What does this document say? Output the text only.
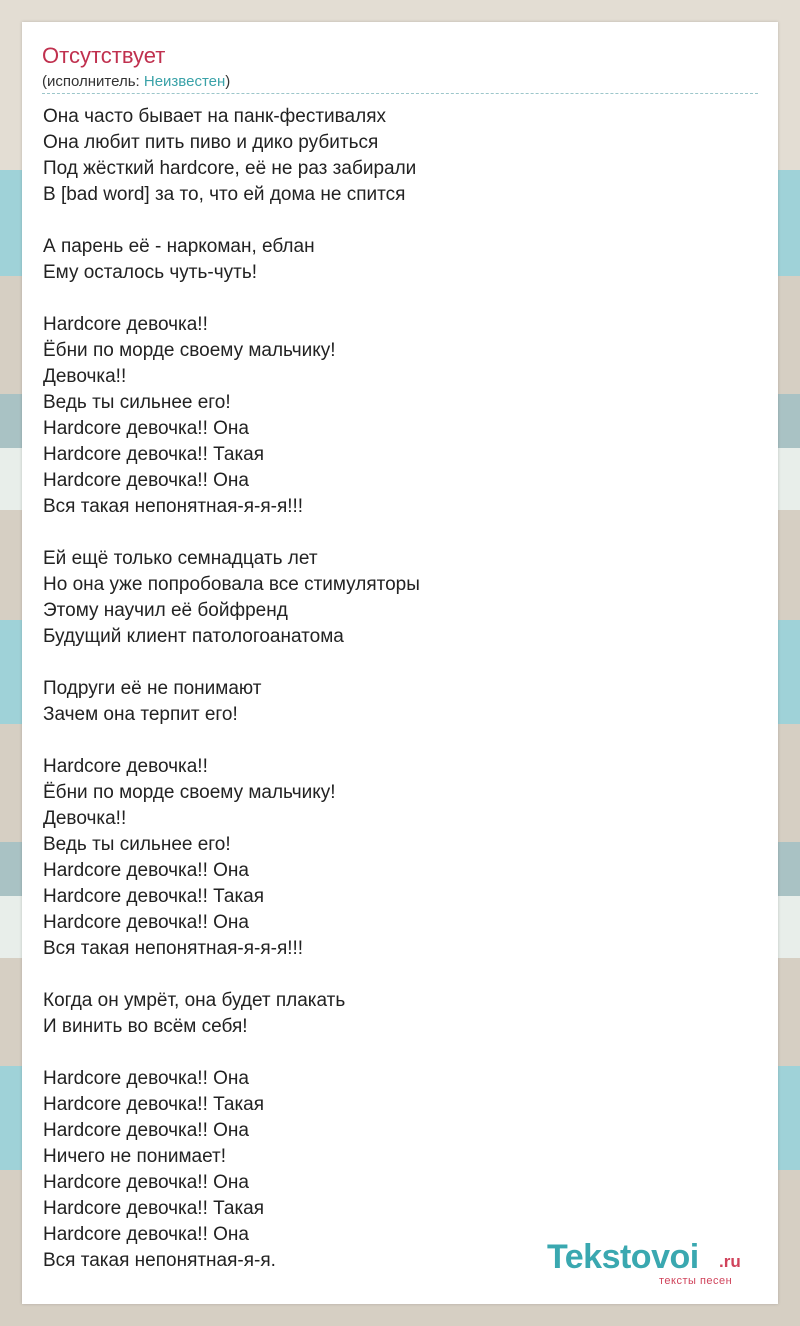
Отсутствует
(исполнитель: Неизвестен)
Она часто бывает на панк-фестивалях
Она любит пить пиво и дико рубиться
Под жёсткий hardcore, её не раз забирали
В [bad word] за то, что ей дома не спится
А парень её - наркоман, еблан
Ему осталось чуть-чуть!
Hardcore девочка!!
Ёбни по морде своему мальчику!
Девочка!!
Ведь ты сильнее его!
Hardcore девочка!! Она
Hardcore девочка!! Такая
Hardcore девочка!! Она
Вся такая непонятная-я-я-я!!!
Ей ещё только семнадцать лет
Но она уже попробовала все стимуляторы
Этому научил её бойфренд
Будущий клиент патологоанатома
Подруги её не понимают
Зачем она терпит его!
Hardcore девочка!!
Ёбни по морде своему мальчику!
Девочка!!
Ведь ты сильнее его!
Hardcore девочка!! Она
Hardcore девочка!! Такая
Hardcore девочка!! Она
Вся такая непонятная-я-я-я!!!
Когда он умрёт, она будет плакать
И винить во всём себя!
Hardcore девочка!! Она
Hardcore девочка!! Такая
Hardcore девочка!! Она
Ничего не понимает!
Hardcore девочка!! Она
Hardcore девочка!! Такая
Hardcore девочка!! Она
Вся такая непонятная-я-я.	Tekstovoi .ru
тексты песен
